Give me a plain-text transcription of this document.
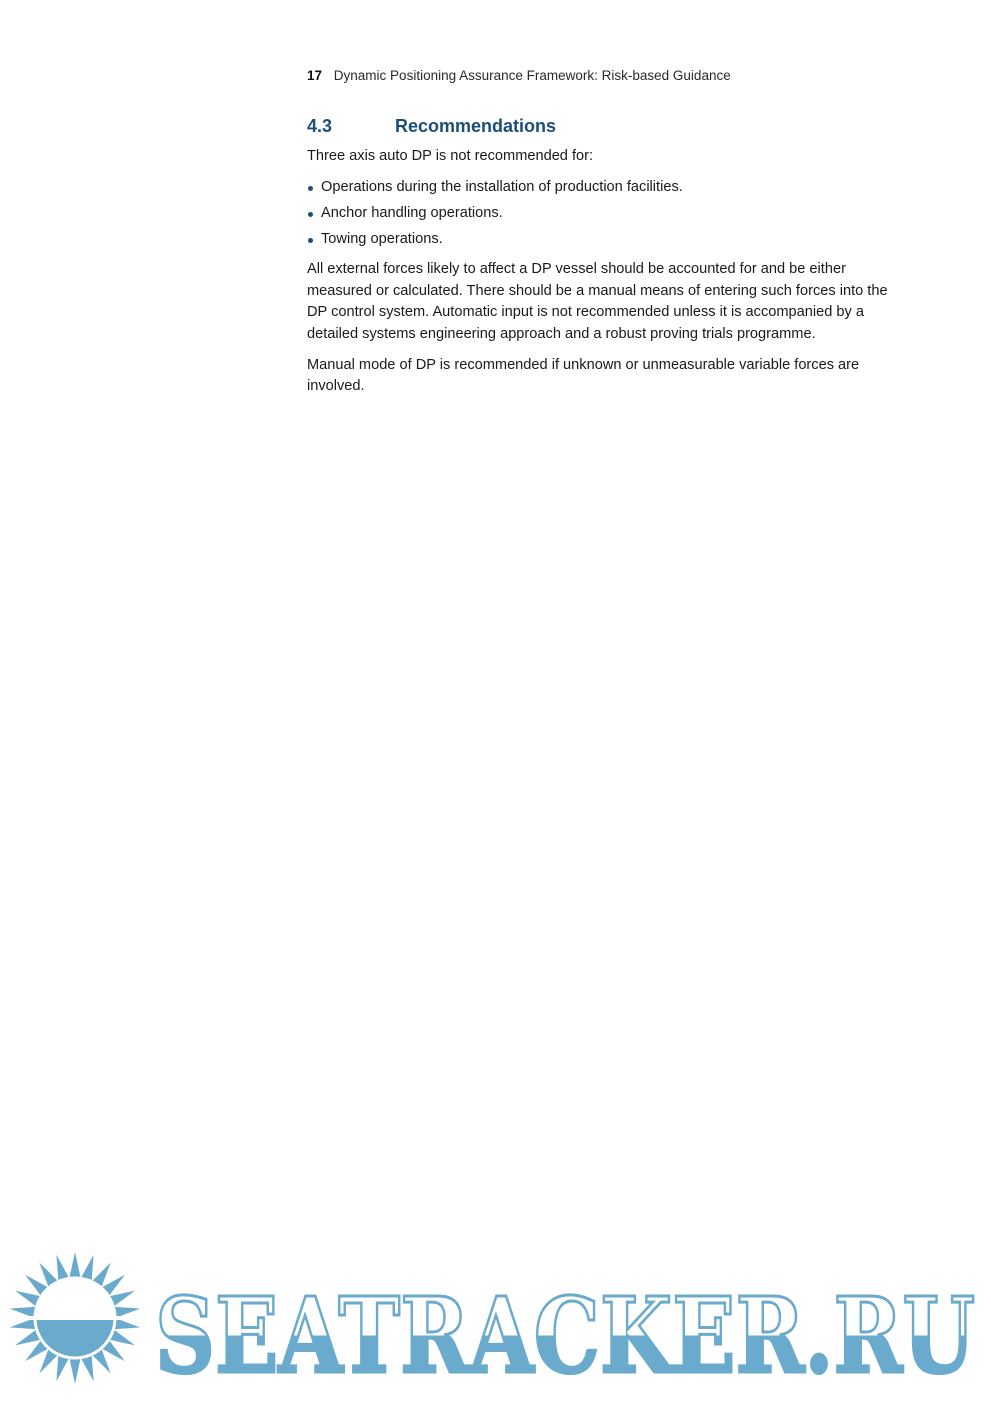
17 Dynamic Positioning Assurance Framework: Risk-based Guidance
4.3	Recommendations

Three axis auto DP is not recommended for:

Operations during the installation of production facilities.
Anchor handling operations.
Towing operations.

All external forces likely to affect a DP vessel should be accounted for and be either measured or calculated. There should be a manual means of entering such forces into the DP control system. Automatic input is not recommended unless it is accompanied by a detailed systems engineering approach and a robust proving trials programme.

Manual mode of DP is recommended if unknown or unmeasurable variable forces are involved.

SEATRACKER.RU
